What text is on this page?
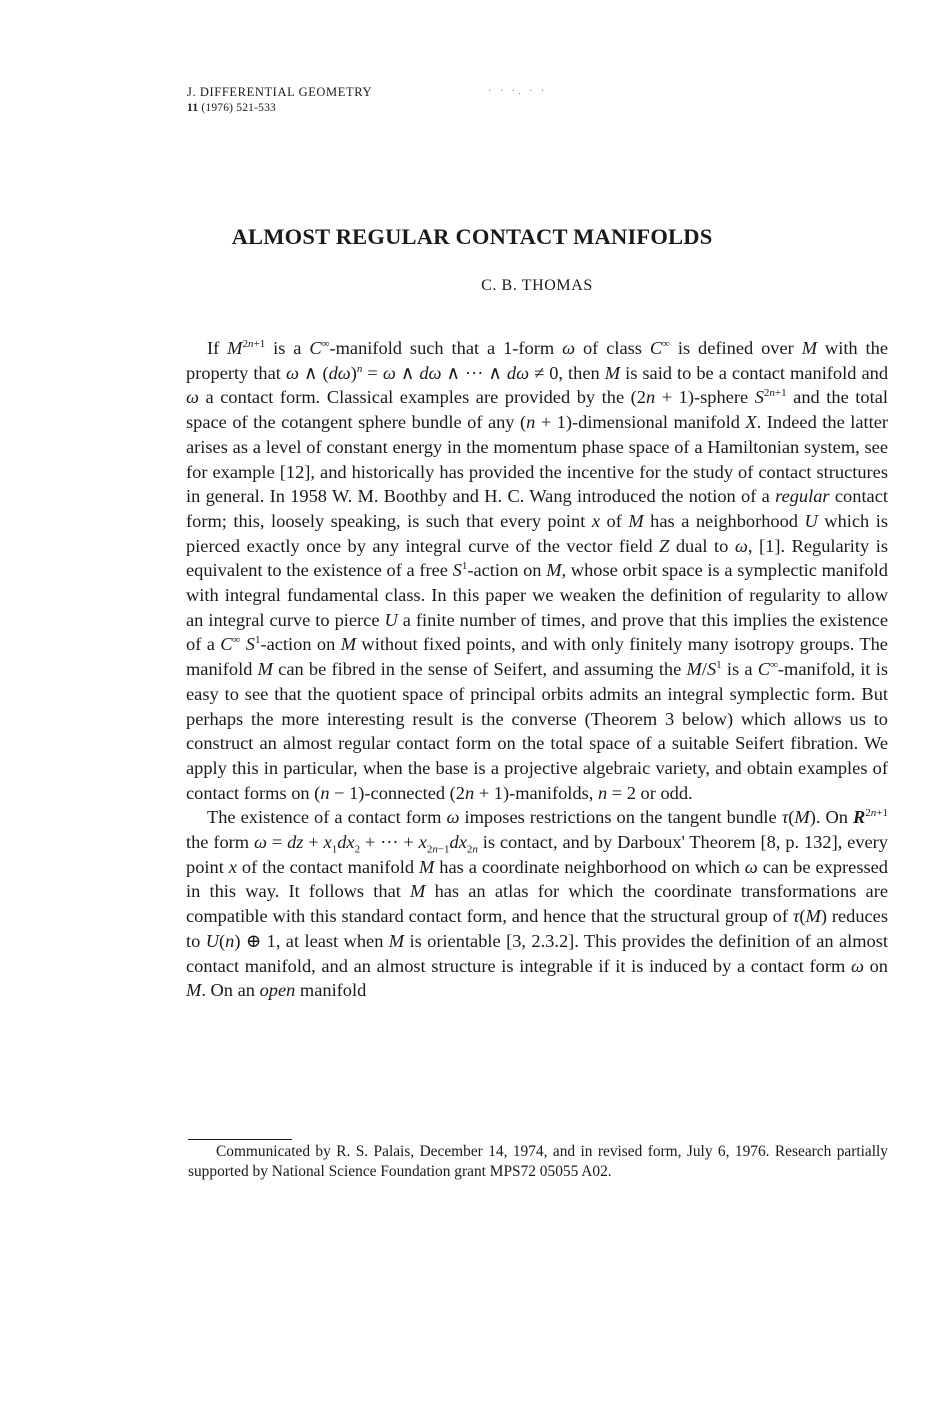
J. DIFFERENTIAL GEOMETRY
11 (1976) 521-533
· · ·. · ·
ALMOST REGULAR CONTACT MANIFOLDS
C. B. THOMAS

If $M^{2n+1}$ is a C∞-manifold such that a 1-form ω of class C∞ is defined over M with the property that ω ∧ $(d\omega)^n = \omega$ ∧ dω ∧ ··· ∧ dω ≠ 0, then M is said to be a contact manifold and ω a contact form. Classical examples are provided by the (2n + 1)-sphere $S^{2n+1}$ and the total space of the cotangent sphere bundle of any (n + 1)-dimensional manifold X. Indeed the latter arises as a level of constant energy in the momentum phase space of a Hamiltonian system, see for example [12], and historically has provided the incentive for the study of contact structures in general. In 1958 W. M. Boothby and H. C. Wang introduced the notion of a regular contact form; this, loosely speaking, is such that every point x of M has a neighborhood U which is pierced exactly once by any integral curve of the vector field Z dual to ω, [1]. Regularity is equivalent to the existence of a free $S^1$-action on M, whose orbit space is a symplectic manifold with integral fundamental class. In this paper we weaken the definition of regularity to allow an integral curve to pierce U a finite number of times, and prove that this implies the existence of a C∞ $S^1$-action on M without fixed points, and with only finitely many isotropy groups. The manifold M can be fibred in the sense of Seifert, and assuming the $M/S^1$ is a C∞-manifold, it is easy to see that the quotient space of principal orbits admits an integral symplectic form. But perhaps the more interesting result is the converse (Theorem 3 below) which allows us to construct an almost regular contact form on the total space of a suitable Seifert fibration. We apply this in particular, when the base is a projective algebraic variety, and obtain examples of contact forms on (n − 1)-connected (2n + 1)-manifolds, n = 2 or odd.

The existence of a contact form ω imposes restrictions on the tangent bundle τ(M). On $R^{2n+1}$ the form ω = dz + $x_1dx_2$ + ··· + $x_{2n-1}dx_{2n}$ is contact, and by Darboux' Theorem [8, p. 132], every point x of the contact manifold M has a coordinate neighborhood on which ω can be expressed in this way. It follows that M has an atlas for which the coordinate transformations are compatible with this standard contact form, and hence that the structural group of τ(M) reduces to U(n) ⊕ 1, at least when M is orientable [3, 2.3.2]. This provides the definition of an almost contact manifold, and an almost structure is integrable if it is induced by a contact form ω on M. On an open manifold

Communicated by R. S. Palais, December 14, 1974, and in revised form, July 6, 1976. Research partially supported by National Science Foundation grant MPS72 05055 A02.
